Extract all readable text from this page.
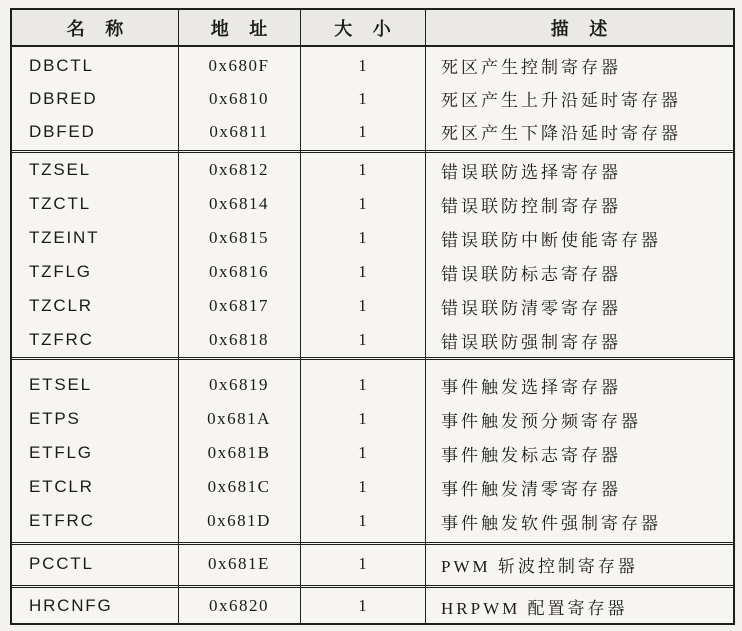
名 称	地 址	大 小	描 述
DBCTL	0x680F	1	死区产生控制寄存器
DBRED	0x6810	1	死区产生上升沿延时寄存器
DBFED	0x6811	1	死区产生下降沿延时寄存器
TZSEL	0x6812	1	错误联防选择寄存器
TZCTL	0x6814	1	错误联防控制寄存器
TZEINT	0x6815	1	错误联防中断使能寄存器
TZFLG	0x6816	1	错误联防标志寄存器
TZCLR	0x6817	1	错误联防清零寄存器
TZFRC	0x6818	1	错误联防强制寄存器
ETSEL	0x6819	1	事件触发选择寄存器
ETPS	0x681A	1	事件触发预分频寄存器
ETFLG	0x681B	1	事件触发标志寄存器
ETCLR	0x681C	1	事件触发清零寄存器
ETFRC	0x681D	1	事件触发软件强制寄存器
PCCTL	0x681E	1	PWM 斩波控制寄存器
HRCNFG	0x6820	1	HRPWM 配置寄存器
